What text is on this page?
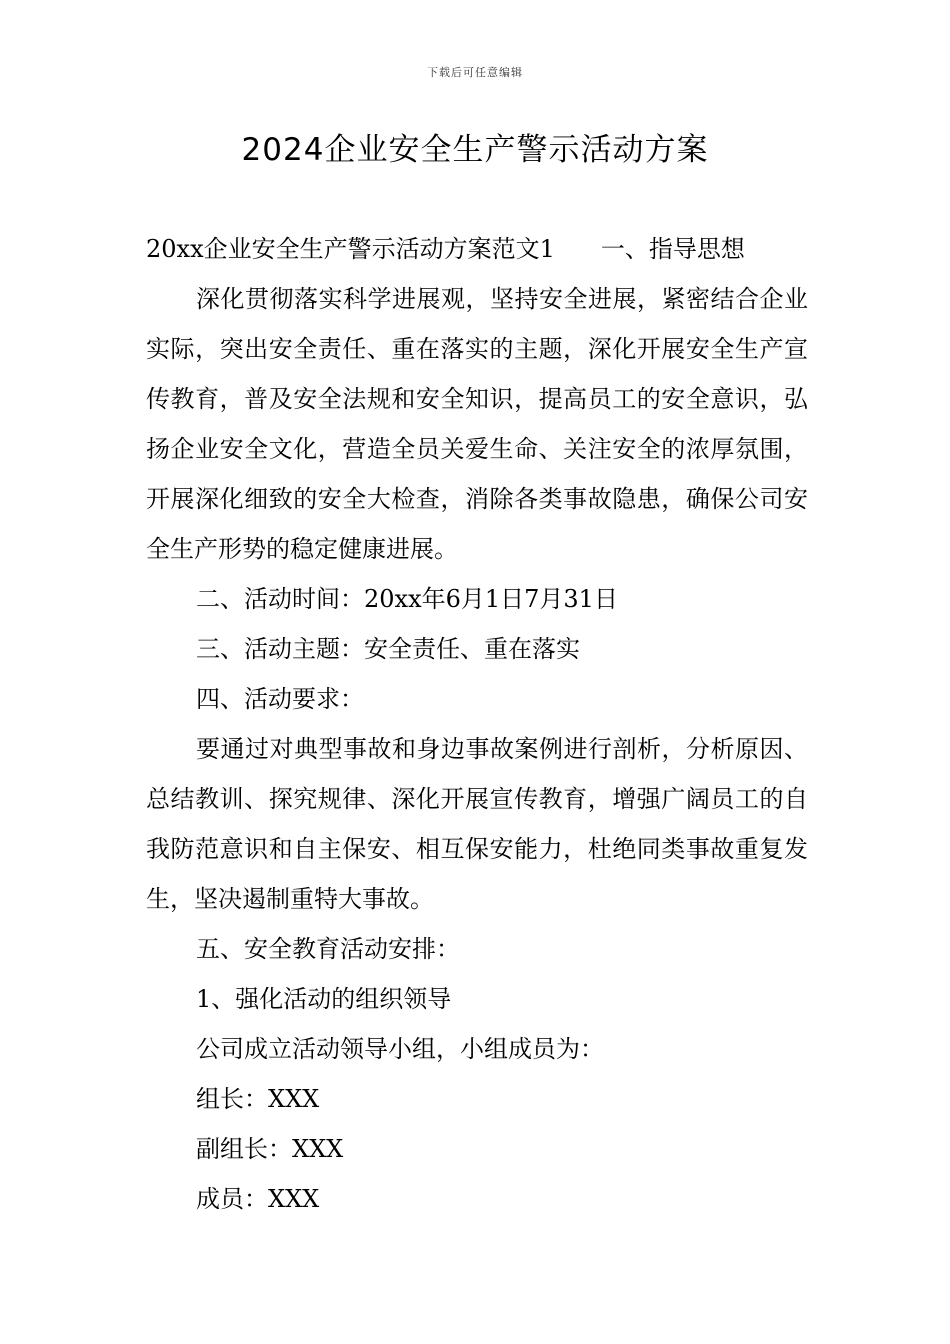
下载后可任意编辑
2024企业安全生产警示活动方案

20xx企业安全生产警示活动方案范文1 一、指导思想

深化贯彻落实科学进展观，坚持安全进展，紧密结合企业实际，突出安全责任、重在落实的主题，深化开展安全生产宣传教育，普及安全法规和安全知识，提高员工的安全意识，弘扬企业安全文化，营造全员关爱生命、关注安全的浓厚氛围，开展深化细致的安全大检查，消除各类事故隐患，确保公司安全生产形势的稳定健康进展。

二、活动时间：20xx年6月1日7月31日

三、活动主题：安全责任、重在落实

四、活动要求：

要通过对典型事故和身边事故案例进行剖析，分析原因、总结教训、探究规律、深化开展宣传教育，增强广阔员工的自我防范意识和自主保安、相互保安能力，杜绝同类事故重复发生，坚决遏制重特大事故。

五、安全教育活动安排：

1、强化活动的组织领导

公司成立活动领导小组，小组成员为：

组长：XXX

副组长：XXX

成员：XXX
